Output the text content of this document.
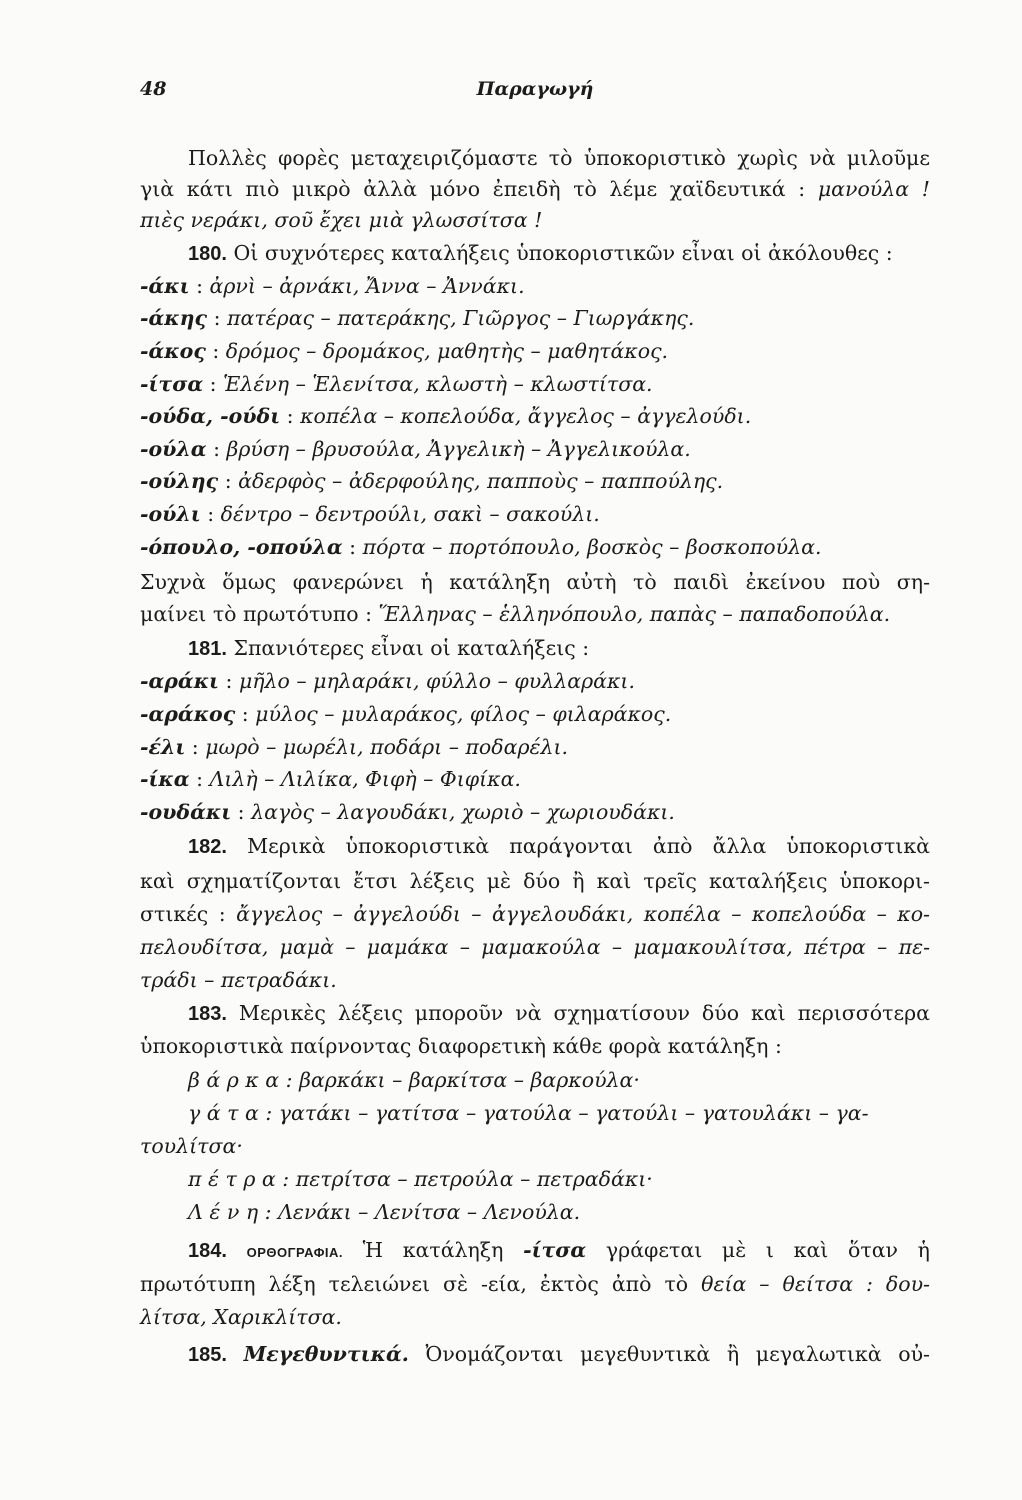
48	Παραγωγή
Πολλὲς φορὲς μεταχειριζόμαστε τὸ ὑποκοριστικὸ χωρὶς νὰ μιλοῦμε
γιὰ κάτι πιὸ μικρὸ ἀλλὰ μόνο ἐπειδὴ τὸ λέμε χαϊδευτικά : μανούλα !
πιὲς νεράκι, σοῦ ἔχει μιὰ γλωσσίτσα !
180. Οἱ συχνότερες καταλήξεις ὑποκοριστικῶν εἶναι οἱ ἀκόλουθες :
-άκι : ἀρνὶ – ἀρνάκι, Ἄννα – Ἀννάκι.
-άκης : πατέρας – πατεράκης, Γιῶργος – Γιωργάκης.
-άκος : δρόμος – δρομάκος, μαθητὴς – μαθητάκος.
-ίτσα : Ἑλένη – Ἑλενίτσα, κλωστὴ – κλωστίτσα.
-ούδα, -ούδι : κοπέλα – κοπελούδα, ἄγγελος – ἀγγελούδι.
-ούλα : βρύση – βρυσούλα, Ἀγγελικὴ – Ἀγγελικούλα.
-ούλης : ἀδερφὸς – ἀδερφούλης, παπποὺς – παππούλης.
-ούλι : δέντρο – δεντρούλι, σακὶ – σακούλι.
-όπουλο, -οπούλα : πόρτα – πορτόπουλο, βοσκὸς – βοσκοπούλα.
Συχνὰ ὅμως φανερώνει ἡ κατάληξη αὐτὴ τὸ παιδὶ ἐκείνου ποὺ ση-
μαίνει τὸ πρωτότυπο : Ἕλληνας – ἑλληνόπουλο, παπὰς – παπαδοπούλα.
181. Σπανιότερες εἶναι οἱ καταλήξεις :
-αράκι : μῆλο – μηλαράκι, φύλλο – φυλλαράκι.
-αράκος : μύλος – μυλαράκος, φίλος – φιλαράκος.
-έλι : μωρὸ – μωρέλι, ποδάρι – ποδαρέλι.
-ίκα : Λιλὴ – Λιλίκα, Φιφὴ – Φιφίκα.
-ουδάκι : λαγὸς – λαγουδάκι, χωριὸ – χωριουδάκι.
182. Μερικὰ ὑποκοριστικὰ παράγονται ἀπὸ ἄλλα ὑποκοριστικὰ
καὶ σχηματίζονται ἔτσι λέξεις μὲ δύο ἢ καὶ τρεῖς καταλήξεις ὑποκορι-
στικές : ἄγγελος – ἀγγελούδι – ἀγγελουδάκι, κοπέλα – κοπελούδα – κο-
πελουδίτσα, μαμὰ – μαμάκα – μαμακούλα – μαμακουλίτσα, πέτρα – πε-
τράδι – πετραδάκι.
183. Μερικὲς λέξεις μποροῦν νὰ σχηματίσουν δύο καὶ περισσότερα
ὑποκοριστικὰ παίρνοντας διαφορετικὴ κάθε φορὰ κατάληξη :
β ά ρ κ α : βαρκάκι – βαρκίτσα – βαρκούλα·
γ ά τ α : γατάκι – γατίτσα – γατούλα – γατούλι – γατουλάκι – γα-
τουλίτσα·
π έ τ ρ α : πετρίτσα – πετρούλα – πετραδάκι·
Λ έ ν η : Λενάκι – Λενίτσα – Λενούλα.
184. ΟΡΘΟΓΡΑΦΙΑ. Ἡ κατάληξη -ίτσα γράφεται μὲ ι καὶ ὅταν ἡ
πρωτότυπη λέξη τελειώνει σὲ -εία, ἐκτὸς ἀπὸ τὸ θεία – θείτσα : δου-
λίτσα, Χαρικλίτσα.
185. Μεγεθυντικά. Ὀνομάζονται μεγεθυντικὰ ἢ μεγαλωτικὰ οὐ-
